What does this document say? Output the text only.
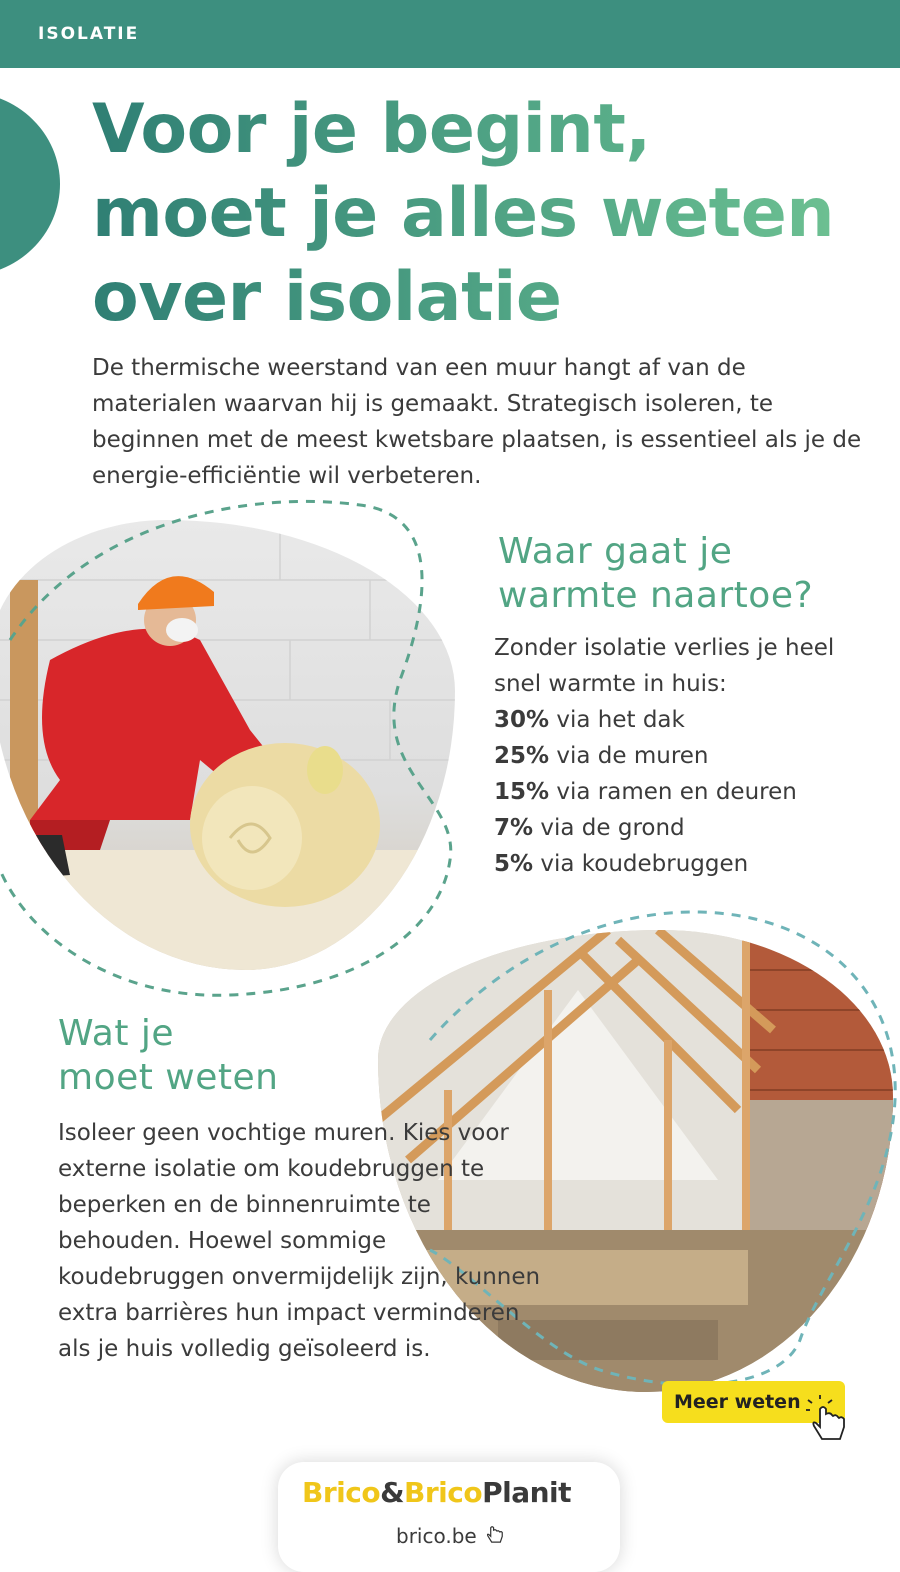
ISOLATIE
Voor je begint,
moet je alles weten
over isolatie

De thermische weerstand van een muur hangt af van de materialen waarvan hij is gemaakt. Strategisch isoleren, te beginnen met de meest kwetsbare plaatsen, is essentieel als je de energie-efficiëntie wil verbeteren.

Waar gaat je
warmte naartoe?

Zonder isolatie verlies je heel snel warmte in huis:

30% via het dak
25% via de muren
15% via ramen en deuren
7% via de grond
5% via koudebruggen
Wat je
moet weten

Isoleer geen vochtige muren. Kies voor externe isolatie om koudebruggen te beperken en de binnenruimte te behouden. Hoewel sommige koudebruggen onvermijdelijk zijn, kunnen extra barrières hun impact verminderen als je huis volledig geïsoleerd is.

Meer weten
Brico&BricoPlanit
brico.be
